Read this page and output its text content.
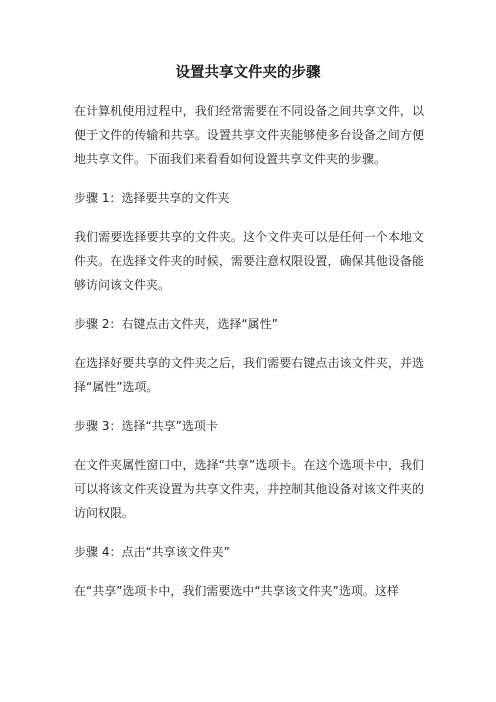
设置共享文件夹的步骤

在计算机使用过程中，我们经常需要在不同设备之间共享文件，以便于文件的传输和共享。设置共享文件夹能够使多台设备之间方便地共享文件。下面我们来看看如何设置共享文件夹的步骤。

步骤 1：选择要共享的文件夹

我们需要选择要共享的文件夹。这个文件夹可以是任何一个本地文件夹。在选择文件夹的时候，需要注意权限设置，确保其他设备能够访问该文件夹。

步骤 2：右键点击文件夹，选择“属性”

在选择好要共享的文件夹之后，我们需要右键点击该文件夹，并选择“属性”选项。

步骤 3：选择“共享”选项卡

在文件夹属性窗口中，选择“共享”选项卡。在这个选项卡中，我们可以将该文件夹设置为共享文件夹，并控制其他设备对该文件夹的访问权限。

步骤 4：点击“共享该文件夹”

在“共享”选项卡中，我们需要选中“共享该文件夹”选项。这样
